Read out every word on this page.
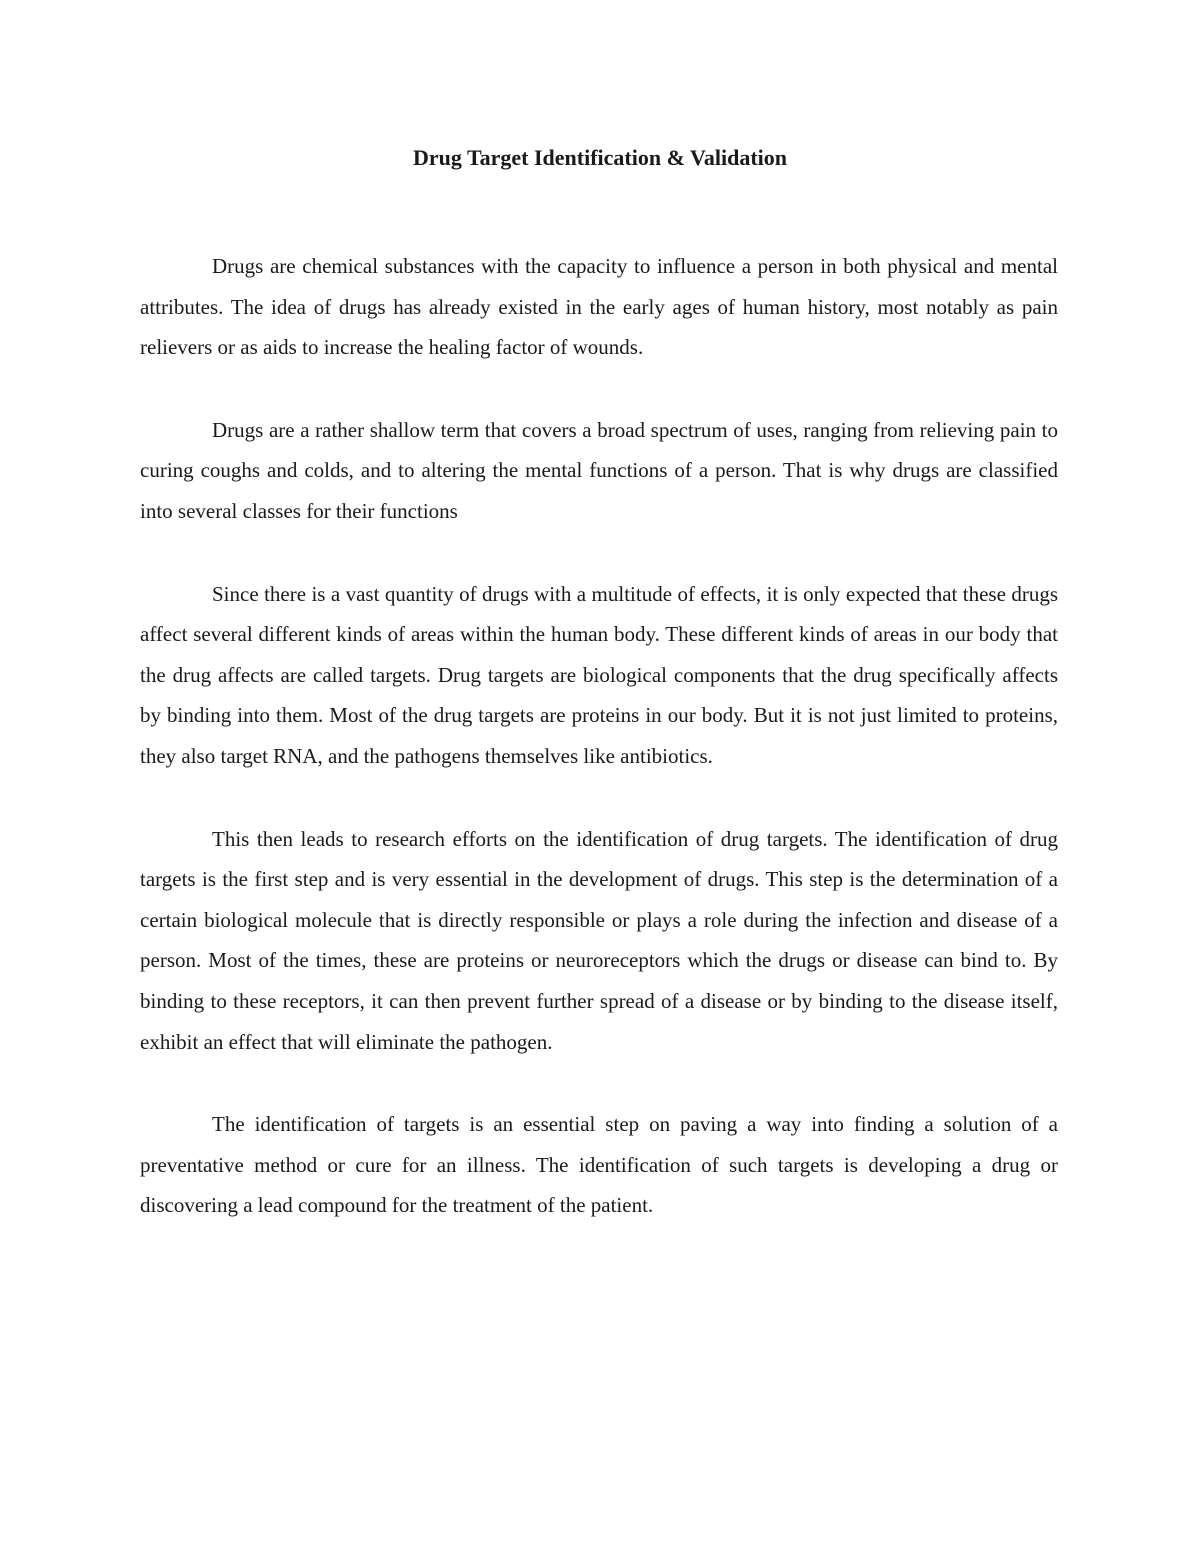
Drug Target Identification & Validation

Drugs are chemical substances with the capacity to influence a person in both physical and mental attributes. The idea of drugs has already existed in the early ages of human history, most notably as pain relievers or as aids to increase the healing factor of wounds.

Drugs are a rather shallow term that covers a broad spectrum of uses, ranging from relieving pain to curing coughs and colds, and to altering the mental functions of a person. That is why drugs are classified into several classes for their functions

Since there is a vast quantity of drugs with a multitude of effects, it is only expected that these drugs affect several different kinds of areas within the human body. These different kinds of areas in our body that the drug affects are called targets. Drug targets are biological components that the drug specifically affects by binding into them. Most of the drug targets are proteins in our body. But it is not just limited to proteins, they also target RNA, and the pathogens themselves like antibiotics.

This then leads to research efforts on the identification of drug targets. The identification of drug targets is the first step and is very essential in the development of drugs. This step is the determination of a certain biological molecule that is directly responsible or plays a role during the infection and disease of a person. Most of the times, these are proteins or neuroreceptors which the drugs or disease can bind to. By binding to these receptors, it can then prevent further spread of a disease or by binding to the disease itself, exhibit an effect that will eliminate the pathogen.

The identification of targets is an essential step on paving a way into finding a solution of a preventative method or cure for an illness. The identification of such targets is developing a drug or discovering a lead compound for the treatment of the patient.
